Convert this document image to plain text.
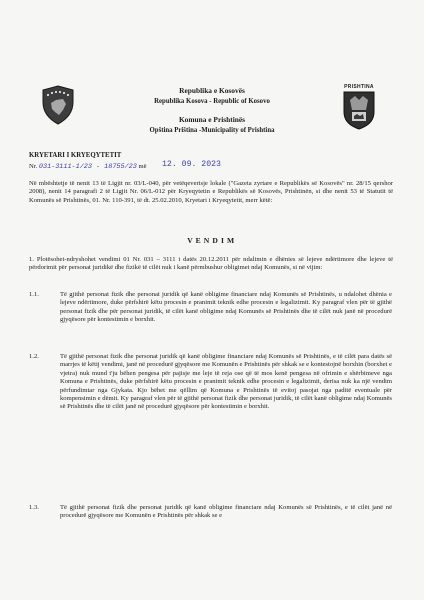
PRISHTINA
Republika e Kosovës
Republika Kosova - Republic of Kosovo
Komuna e Prishtinës
Opština Priština -Municipality of Prishtina
KRYETARI I KRYEQYTETIT
Nr. 031-3111-1/23 - 18755/23 më	12. 09. 2023
Në mbështetje të nenit 13 të Ligjit nr. 03/L-040, për vetëqeverisje lokale ("Gazeta zyrtare e Republikës së Kosovës" nr. 28/15 qershor 2008), nenit 14 paragrafi 2 të Ligjit Nr. 06/L-012 për Kryeqytetin e Republikës së Kosovës, Prishtinën, si dhe nenit 53 të Statutit të Komunës së Prishtinës, 01. Nr. 110-391, të dt. 25.02.2010, Kryetari i Kryeqytetit, merr këtë:
V E N D I M
1. Plotësohet-ndryshohet vendimi 01 Nr. 031 – 3111 i datës 20.12.2011 për ndalimin e dhënies së lejeve ndërtimore dhe lejeve të përdorimit për personat juridikë dhe fizikë të cilët nuk i kanë përmbushur obligimet ndaj Komunës, si në vijim:
1.1.	Të gjithë personat fizik dhe personat juridik që kanë obligime financiare ndaj Komunës së Prishtinës, u ndalohet dhënia e lejeve ndërtimore, duke përfshirë këtu procesin e pranimit teknik edhe procesin e legalizimit. Ky paragraf vlen për të gjithë personat fizik dhe për personat juridik, të cilët kanë obligime ndaj Komunës së Prishtinës dhe të cilët nuk janë në procedurë gjyqësore për kontestimin e borxhit.
1.2.	Të gjithë personat fizik dhe personat juridik që kanë obligime financiare ndaj Komunës së Prishtinës, e të cilët para datës së marrjes të këtij vendimi, janë në procedurë gjyqësore me Komunën e Prishtinës për shkak se e kontestojnë borxhin (borxhet e vjetra) nuk mund t'ju bëhen pengesa për pajisje me leje të reja ose që të mos kenë pengesa në ofrimin e shërbimeve nga Komuna e Prishtinës, duke përfshirë këtu procesin e pranimit teknik edhe procesin e legalizimit, derisa nuk ka një vendim përfundimtar nga Gjykata. Kjo bëhet me qëllim që Komuna e Prishtinës të evitoj pasojat nga paditë eventuale për kompensimin e dëmit. Ky paragraf vlen për të gjithë personat fizik dhe personat juridik, të cilët kanë obligime ndaj Komunës së Prishtinës dhe të cilët janë në procedurë gjyqësore për kontestimin e borxhit.
1.3.	Të gjithë personat fizik dhe personat juridik që kanë obligime financiare ndaj Komunës së Prishtinës, e të cilët janë në procedurë gjyqësore me Komunën e Prishtinës për shkak se e
